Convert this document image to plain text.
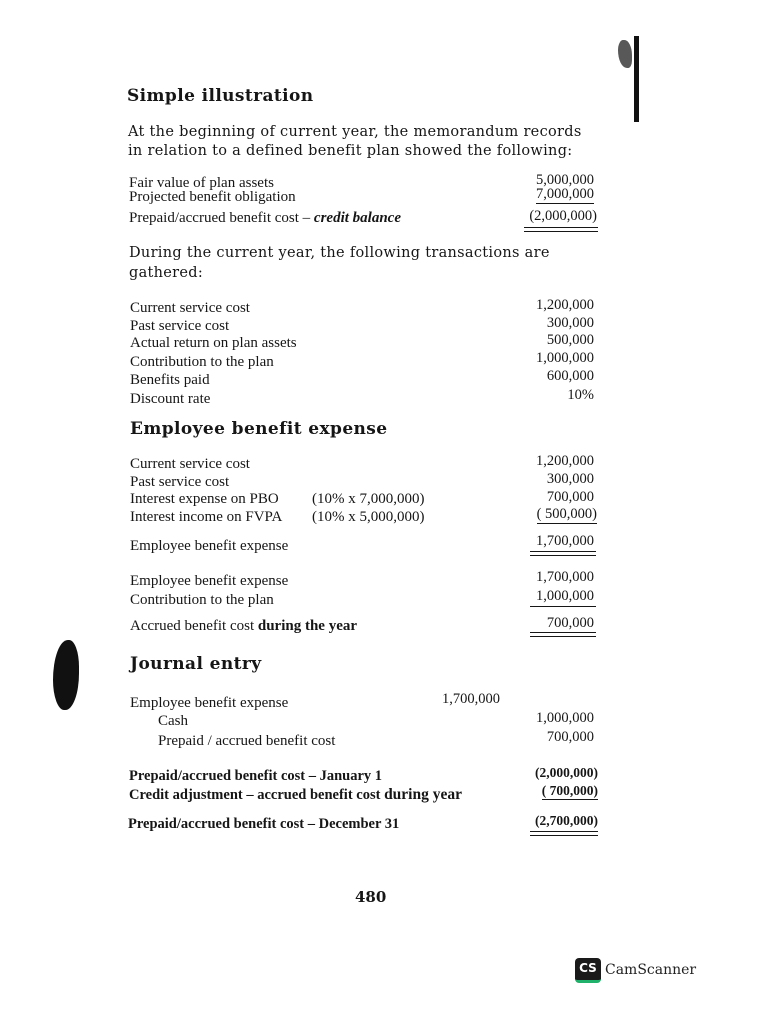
Simple illustration
At the beginning of current year, the memorandum records
in relation to a defined benefit plan showed the following:
Fair value of plan assets	5,000,000
Projected benefit obligation	7,000,000
Prepaid/accrued benefit cost – credit balance	(2,000,000)
During the current year, the following transactions are
gathered:
Current service cost	1,200,000
Past service cost	300,000
Actual return on plan assets	500,000
Contribution to the plan	1,000,000
Benefits paid	600,000
Discount rate	10%
Employee benefit expense
Current service cost	1,200,000
Past service cost	300,000
Interest expense on PBO (10% x 7,000,000)	700,000
Interest income on FVPA (10% x 5,000,000)	( 500,000)
Employee benefit expense	1,700,000
Employee benefit expense	1,700,000
Contribution to the plan	1,000,000
Accrued benefit cost during the year	700,000
Journal entry
Employee benefit expense	1,700,000
Cash	1,000,000
Prepaid / accrued benefit cost	700,000
Prepaid/accrued benefit cost – January 1	(2,000,000)
Credit adjustment – accrued benefit cost during year	( 700,000)
Prepaid/accrued benefit cost – December 31	(2,700,000)
480
CS CamScanner
